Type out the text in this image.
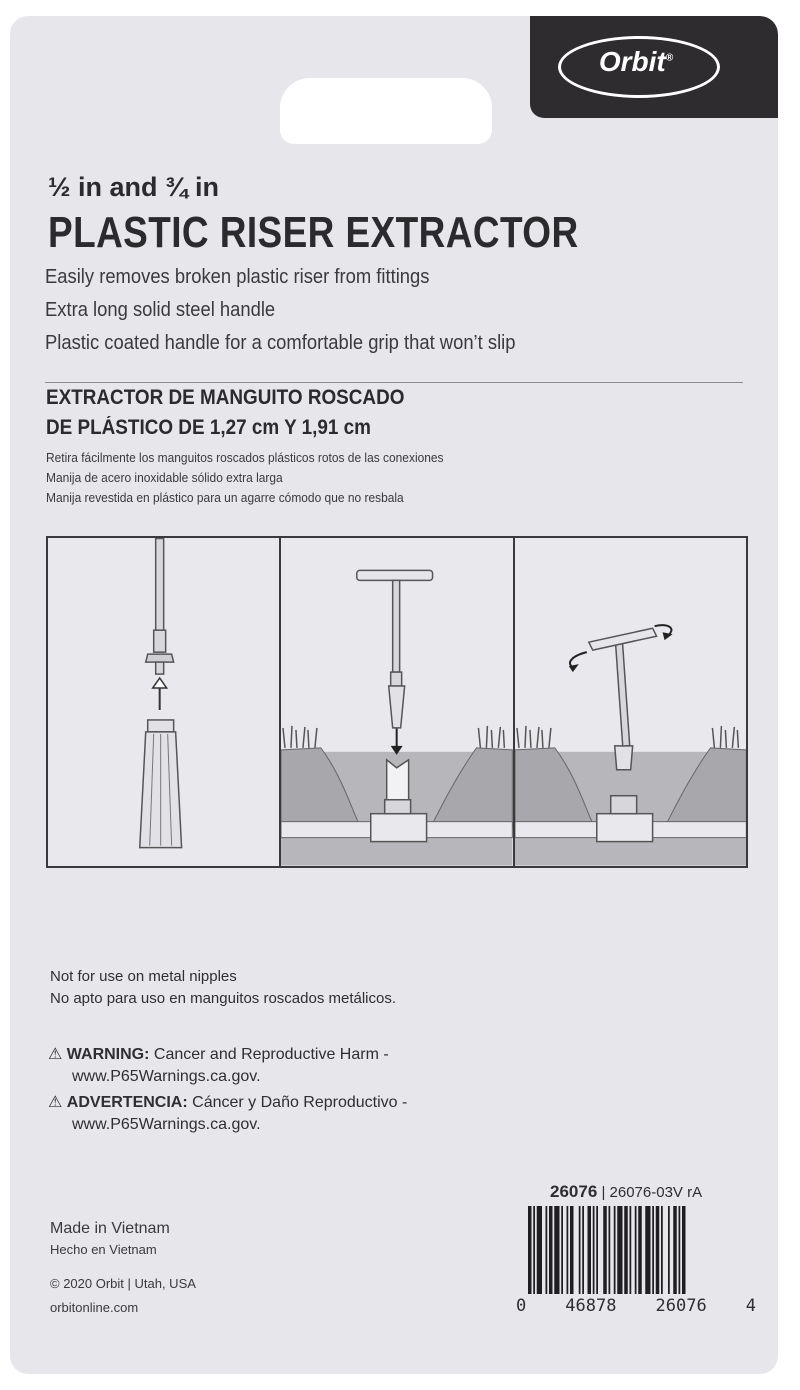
Orbit®

½ in and ¾ in

PLASTIC RISER EXTRACTOR

Easily removes broken plastic riser from fittings

Extra long solid steel handle

Plastic coated handle for a comfortable grip that won’t slip

EXTRACTOR DE MANGUITO ROSCADO

DE PLÁSTICO DE 1,27 cm Y 1,91 cm

Retira fácilmente los manguitos roscados plásticos rotos de las conexiones

Manija de acero inoxidable sólido extra larga

Manija revestida en plástico para un agarre cómodo que no resbala

Not for use on metal nipples

No apto para uso en manguitos roscados metálicos.

⚠ WARNING: Cancer and Reproductive Harm -

www.P65Warnings.ca.gov.

⚠ ADVERTENCIA: Cáncer y Daño Reproductivo -

www.P65Warnings.ca.gov.

26076 | 26076-03V rA
0 46878 26076 4

Made in Vietnam

Hecho en Vietnam

© 2020 Orbit | Utah, USA

orbitonline.com
